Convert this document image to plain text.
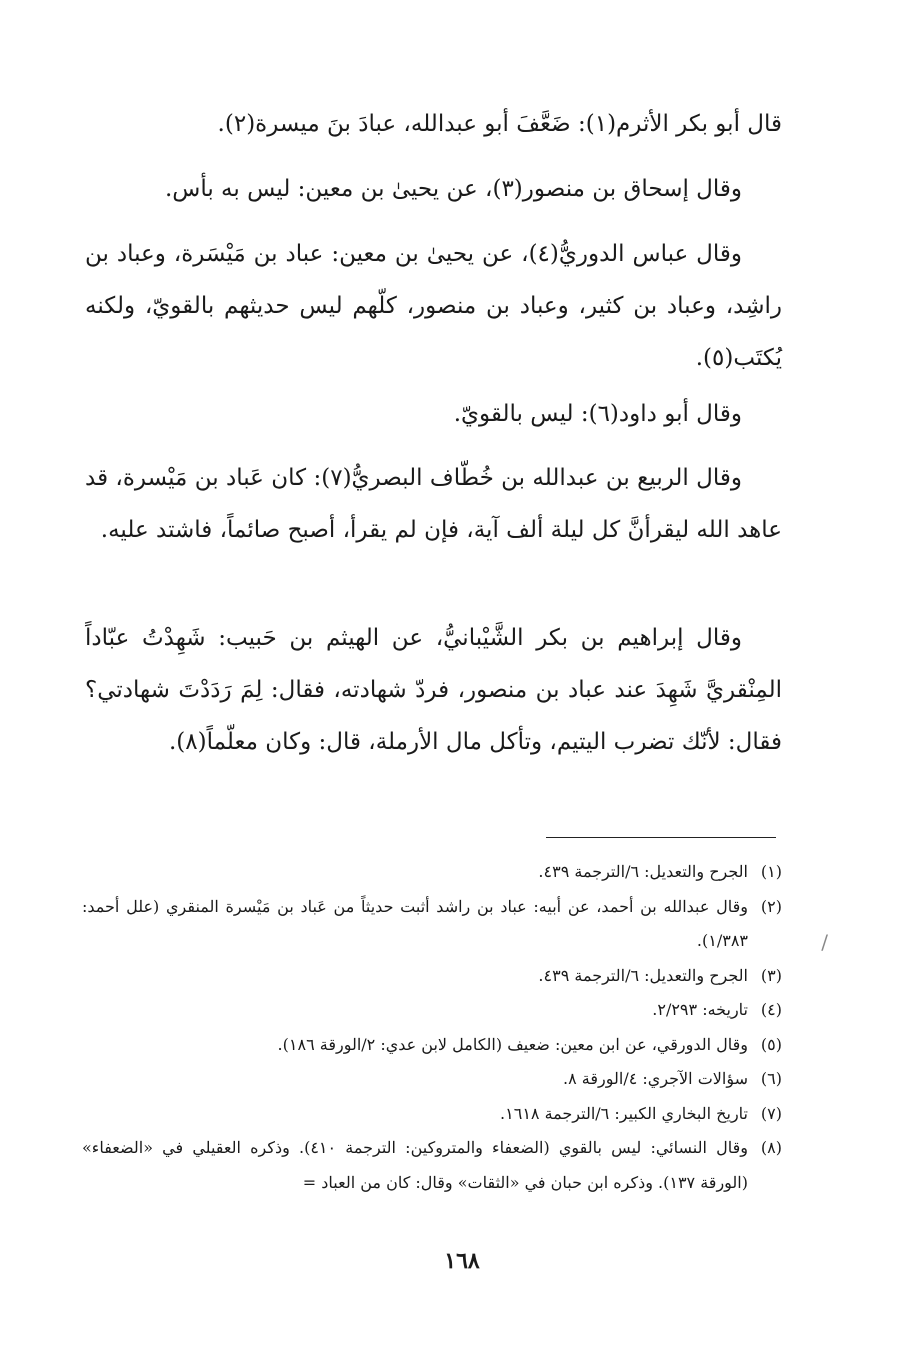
قال أبو بكر الأثرم(١): ضَعَّفَ أبو عبدالله، عبادَ بنَ ميسرة(٢).

وقال إسحاق بن منصور(٣)، عن يحيىٰ بن معين: ليس به بأس.

وقال عباس الدوريُّ(٤)، عن يحيىٰ بن معين: عباد بن مَيْسَرة، وعباد بن راشِد، وعباد بن كثير، وعباد بن منصور، كلّهم ليس حديثهم بالقويّ، ولكنه يُكتَب(٥).

وقال أبو داود(٦): ليس بالقويّ.

وقال الربيع بن عبدالله بن خُطّاف البصريُّ(٧): كان عَباد بن مَيْسرة، قد عاهد الله ليقرأنَّ كل ليلة ألف آية، فإن لم يقرأ، أصبح صائماً، فاشتد عليه.

وقال إبراهيم بن بكر الشَّيْبانيُّ، عن الهيثم بن حَبيب: شَهِدْتُ عبّاداً المِنْقريَّ شَهِدَ عند عباد بن منصور، فردّ شهادته، فقال: لِمَ رَدَدْتَ شهادتي؟ فقال: لأنّك تضرب اليتيم، وتأكل مال الأرملة، قال: وكان معلّماً(٨).

(١)
الجرح والتعديل: ٦/الترجمة ٤٣٩.

(٢)
وقال عبدالله بن أحمد، عن أبيه: عباد بن راشد أثبت حديثاً من عَباد بن مَيْسرة المنقري (علل أحمد: ١/٣٨٣).

(٣)
الجرح والتعديل: ٦/الترجمة ٤٣٩.

(٤)
تاريخه: ٢/٢٩٣.

(٥)
وقال الدورقي، عن ابن معين: ضعيف (الكامل لابن عدي: ٢/الورقة ١٨٦).

(٦)
سؤالات الآجري: ٤/الورقة ٨.

(٧)
تاريخ البخاري الكبير: ٦/الترجمة ١٦١٨.

(٨)
وقال النسائي: ليس بالقوي (الضعفاء والمتروكين: الترجمة ٤١٠). وذكره العقيلي في «الضعفاء» (الورقة ١٣٧). وذكره ابن حبان في «الثقات» وقال: كان من العباد =

/
١٦٨
